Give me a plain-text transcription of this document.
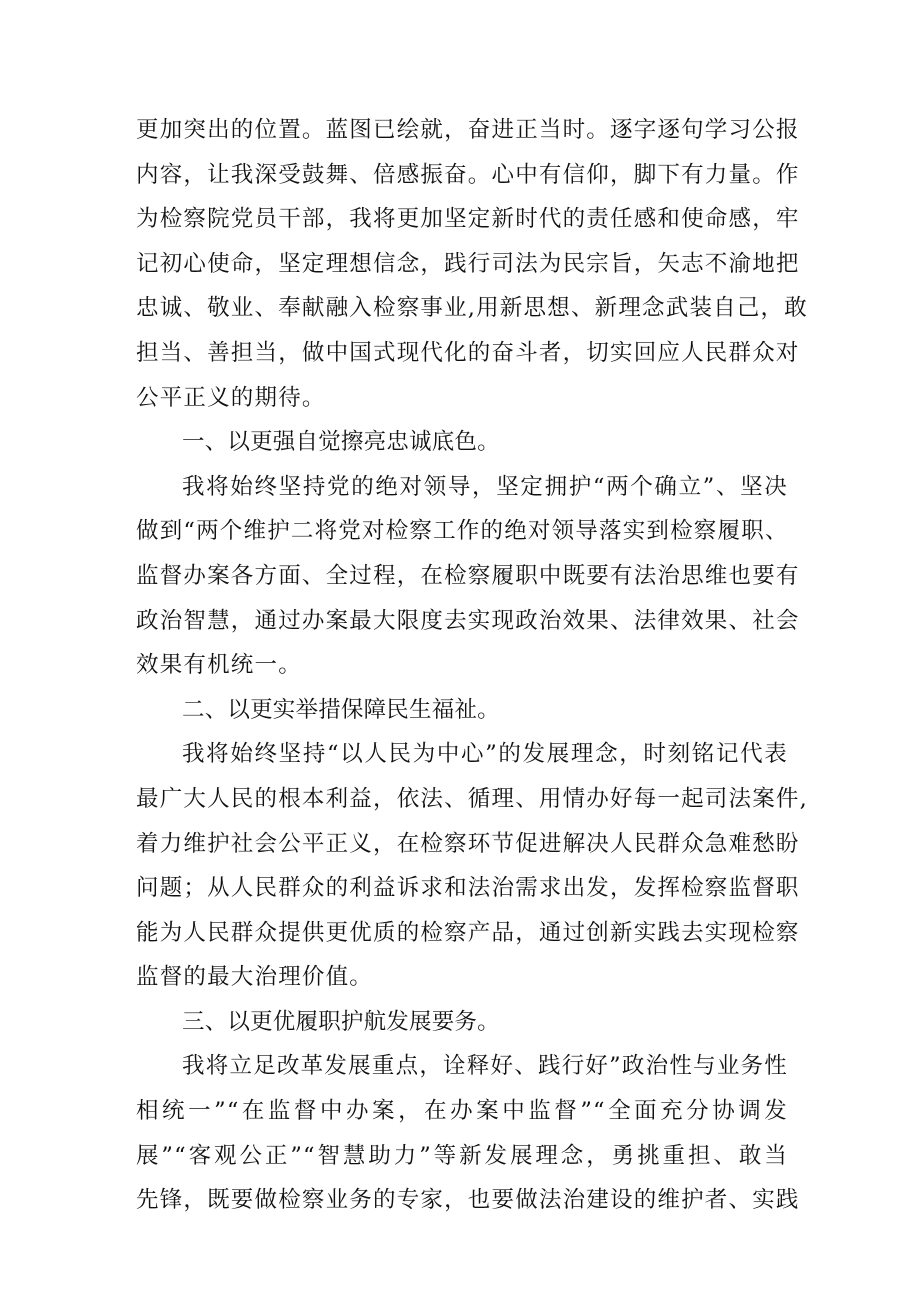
更加突出的位置。蓝图已绘就，奋进正当时。逐字逐句学习公报
内容，让我深受鼓舞、倍感振奋。心中有信仰，脚下有力量。作
为检察院党员干部，我将更加坚定新时代的责任感和使命感，牢
记初心使命，坚定理想信念，践行司法为民宗旨，矢志不渝地把
忠诚、敬业、奉献融入检察事业,用新思想、新理念武装自己，敢
担当、善担当，做中国式现代化的奋斗者，切实回应人民群众对
公平正义的期待。
一、以更强自觉擦亮忠诚底色。
我将始终坚持党的绝对领导，坚定拥护“两个确立”、坚决
做到“两个维护二将党对检察工作的绝对领导落实到检察履职、
监督办案各方面、全过程，在检察履职中既要有法治思维也要有
政治智慧，通过办案最大限度去实现政治效果、法律效果、社会
效果有机统一。
二、以更实举措保障民生福祉。
我将始终坚持“以人民为中心”的发展理念，时刻铭记代表
最广大人民的根本利益，依法、循理、用情办好每一起司法案件,
着力维护社会公平正义，在检察环节促进解决人民群众急难愁盼
问题；从人民群众的利益诉求和法治需求出发，发挥检察监督职
能为人民群众提供更优质的检察产品，通过创新实践去实现检察
监督的最大治理价值。
三、以更优履职护航发展要务。
我将立足改革发展重点，诠释好、践行好”政治性与业务性
相统一”“在监督中办案，在办案中监督”“全面充分协调发
展”“客观公正”“智慧助力”等新发展理念，勇挑重担、敢当
先锋，既要做检察业务的专家，也要做法治建设的维护者、实践
